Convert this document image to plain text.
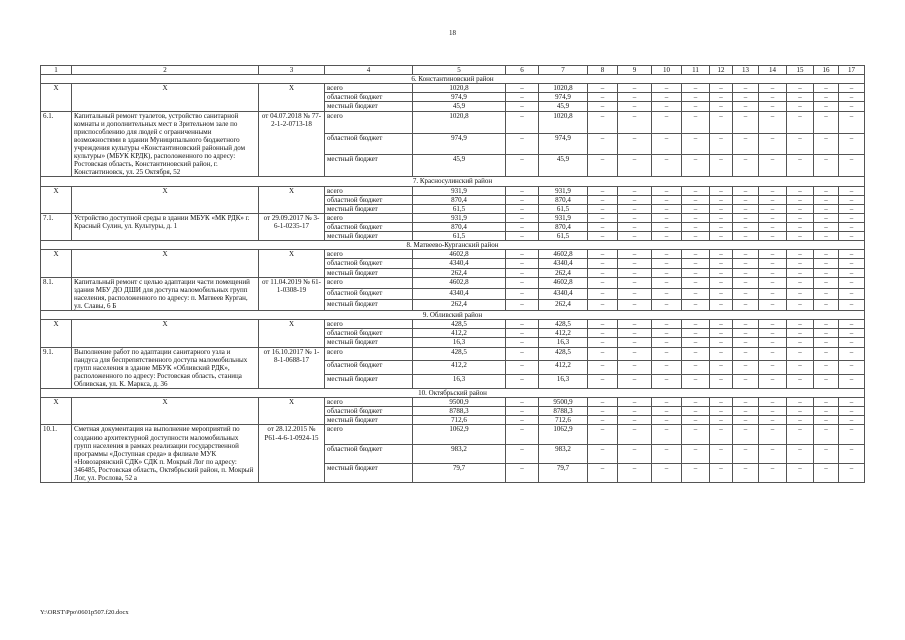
18
1	2	3	4	5	6	7	8	9	10	11	12	13	14	15	16	17
6. Константиновский район																
Х	Х	Х	всего	1020,8	–	1020,8	–	–	–	–	–	–	–	–	–	–
			областной бюджет	974,9	–	974,9	–	–	–	–	–	–	–	–	–	–
			местный бюджет	45,9	–	45,9	–	–	–	–	–	–	–	–	–	–
6.1.	Капитальный ремонт туалетов, устройство санитарной комнаты и дополнительных мест в Зрительном зале по приспособлению для людей с ограниченными возможностями в здании Муниципального бюджетного учреждения культуры «Константиновский районный дом культуры» (МБУК КРДК), расположенного по адресу: Ростовская область, Константиновский район, г. Константиновск, ул. 25 Октября, 52	от 04.07.2018 № 77-2-1-2-0713-18	всего	1020,8	–	1020,8	–	–	–	–	–	–	–	–	–	–
			областной бюджет	974,9	–	974,9	–	–	–	–	–	–	–	–	–	–
			местный бюджет	45,9	–	45,9	–	–	–	–	–	–	–	–	–	–
7. Красносулинский район																
Х	Х	Х	всего	931,9	–	931,9	–	–	–	–	–	–	–	–	–	–
			областной бюджет	870,4	–	870,4	–	–	–	–	–	–	–	–	–	–
			местный бюджет	61,5	–	61,5	–	–	–	–	–	–	–	–	–	–
7.1.	Устройство доступной среды в здании МБУК «МК РДК» г. Красный Сулин, ул. Культуры, д. 1	от 29.09.2017 № 3-6-1-0235-17	всего	931,9	–	931,9	–	–	–	–	–	–	–	–	–	–
			областной бюджет	870,4	–	870,4	–	–	–	–	–	–	–	–	–	–
			местный бюджет	61,5	–	61,5	–	–	–	–	–	–	–	–	–	–
8. Матвеево-Курганский район																
Х	Х	Х	всего	4602,8	–	4602,8	–	–	–	–	–	–	–	–	–	–
			областной бюджет	4340,4	–	4340,4	–	–	–	–	–	–	–	–	–	–
			местный бюджет	262,4	–	262,4	–	–	–	–	–	–	–	–	–	–
8.1.	Капитальный ремонт с целью адаптации части помещений здания МБУ ДО ДШИ для доступа маломобильных групп населения, расположенного по адресу: п. Матвеев Курган, ул. Славы, 6 Б	от 11.04.2019 № 61-1-0308-19	всего	4602,8	–	4602,8	–	–	–	–	–	–	–	–	–	–
			областной бюджет	4340,4	–	4340,4	–	–	–	–	–	–	–	–	–	–
			местный бюджет	262,4	–	262,4	–	–	–	–	–	–	–	–	–	–
9. Обливский район																
Х	Х	Х	всего	428,5	–	428,5	–	–	–	–	–	–	–	–	–	–
			областной бюджет	412,2	–	412,2	–	–	–	–	–	–	–	–	–	–
			местный бюджет	16,3	–	16,3	–	–	–	–	–	–	–	–	–	–
9.1.	Выполнение работ по адаптации санитарного узла и пандуса для беспрепятственного доступа маломобильных групп населения в здание МБУК «Обливский РДК», расположенного по адресу: Ростовская область, станица Обливская, ул. К. Маркса, д. 36	от 16.10.2017 № 1-8-1-0688-17	всего	428,5	–	428,5	–	–	–	–	–	–	–	–	–	–
			областной бюджет	412,2	–	412,2	–	–	–	–	–	–	–	–	–	–
			местный бюджет	16,3	–	16,3	–	–	–	–	–	–	–	–	–	–
10. Октябрьский район																
Х	Х	Х	всего	9500,9	–	9500,9	–	–	–	–	–	–	–	–	–	–
			областной бюджет	8788,3	–	8788,3	–	–	–	–	–	–	–	–	–	–
			местный бюджет	712,6	–	712,6	–	–	–	–	–	–	–	–	–	–
10.1.	Сметная документация на выполнение мероприятий по созданию архитектурной доступности маломобильных групп населения в рамках реализации государственной программы «Доступная среда» в филиале МУК «Новозарянский СДК» СДК п. Мокрый Лог по адресу: 346485, Ростовская область, Октябрьский район, п. Мокрый Лог, ул. Рослова, 52 а	от 28.12.2015 № Р61-4-6-1-0924-15	всего	1062,9	–	1062,9	–	–	–	–	–	–	–	–	–	–
			областной бюджет	983,2	–	983,2	–	–	–	–	–	–	–	–	–	–
			местный бюджет	79,7	–	79,7	–	–	–	–	–	–	–	–	–	–
Y:\ORST\Ppo\0601p507.f20.docx
